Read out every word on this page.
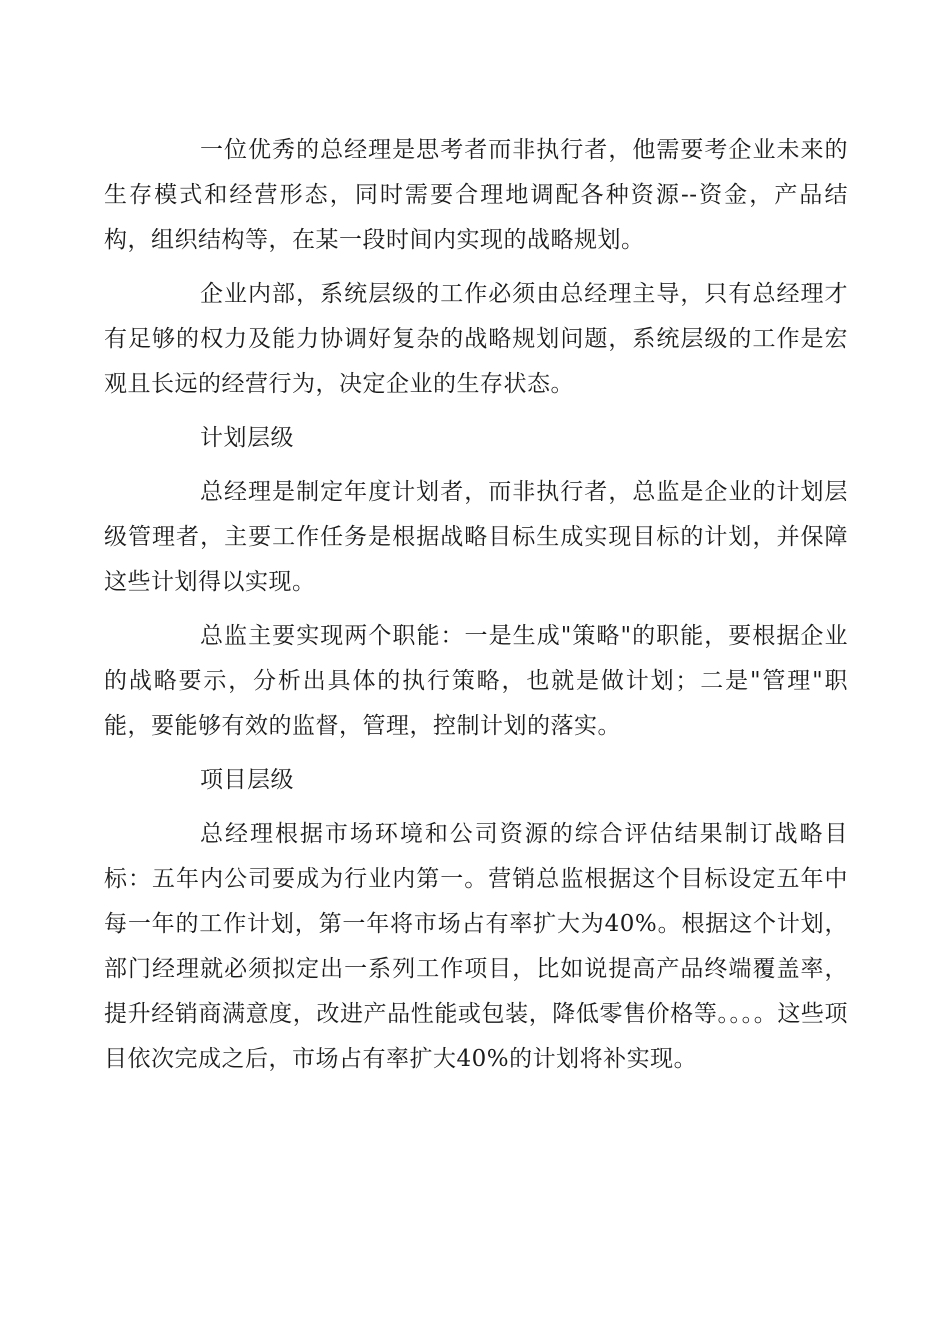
一位优秀的总经理是思考者而非执行者，他需要考企业未来的生存模式和经营形态，同时需要合理地调配各种资源--资金，产品结构，组织结构等，在某一段时间内实现的战略规划。

企业内部，系统层级的工作必须由总经理主导，只有总经理才有足够的权力及能力协调好复杂的战略规划问题，系统层级的工作是宏观且长远的经营行为，决定企业的生存状态。

计划层级

总经理是制定年度计划者，而非执行者，总监是企业的计划层级管理者，主要工作任务是根据战略目标生成实现目标的计划，并保障这些计划得以实现。

总监主要实现两个职能：一是生成"策略"的职能，要根据企业的战略要示，分析出具体的执行策略，也就是做计划；二是"管理"职能，要能够有效的监督，管理，控制计划的落实。

项目层级

总经理根据市场环境和公司资源的综合评估结果制订战略目标：五年内公司要成为行业内第一。营销总监根据这个目标设定五年中每一年的工作计划，第一年将市场占有率扩大为40%。根据这个计划，部门经理就必须拟定出一系列工作项目，比如说提高产品终端覆盖率，提升经销商满意度，改进产品性能或包装，降低零售价格等。。。。这些项目依次完成之后，市场占有率扩大40%的计划将补实现。
